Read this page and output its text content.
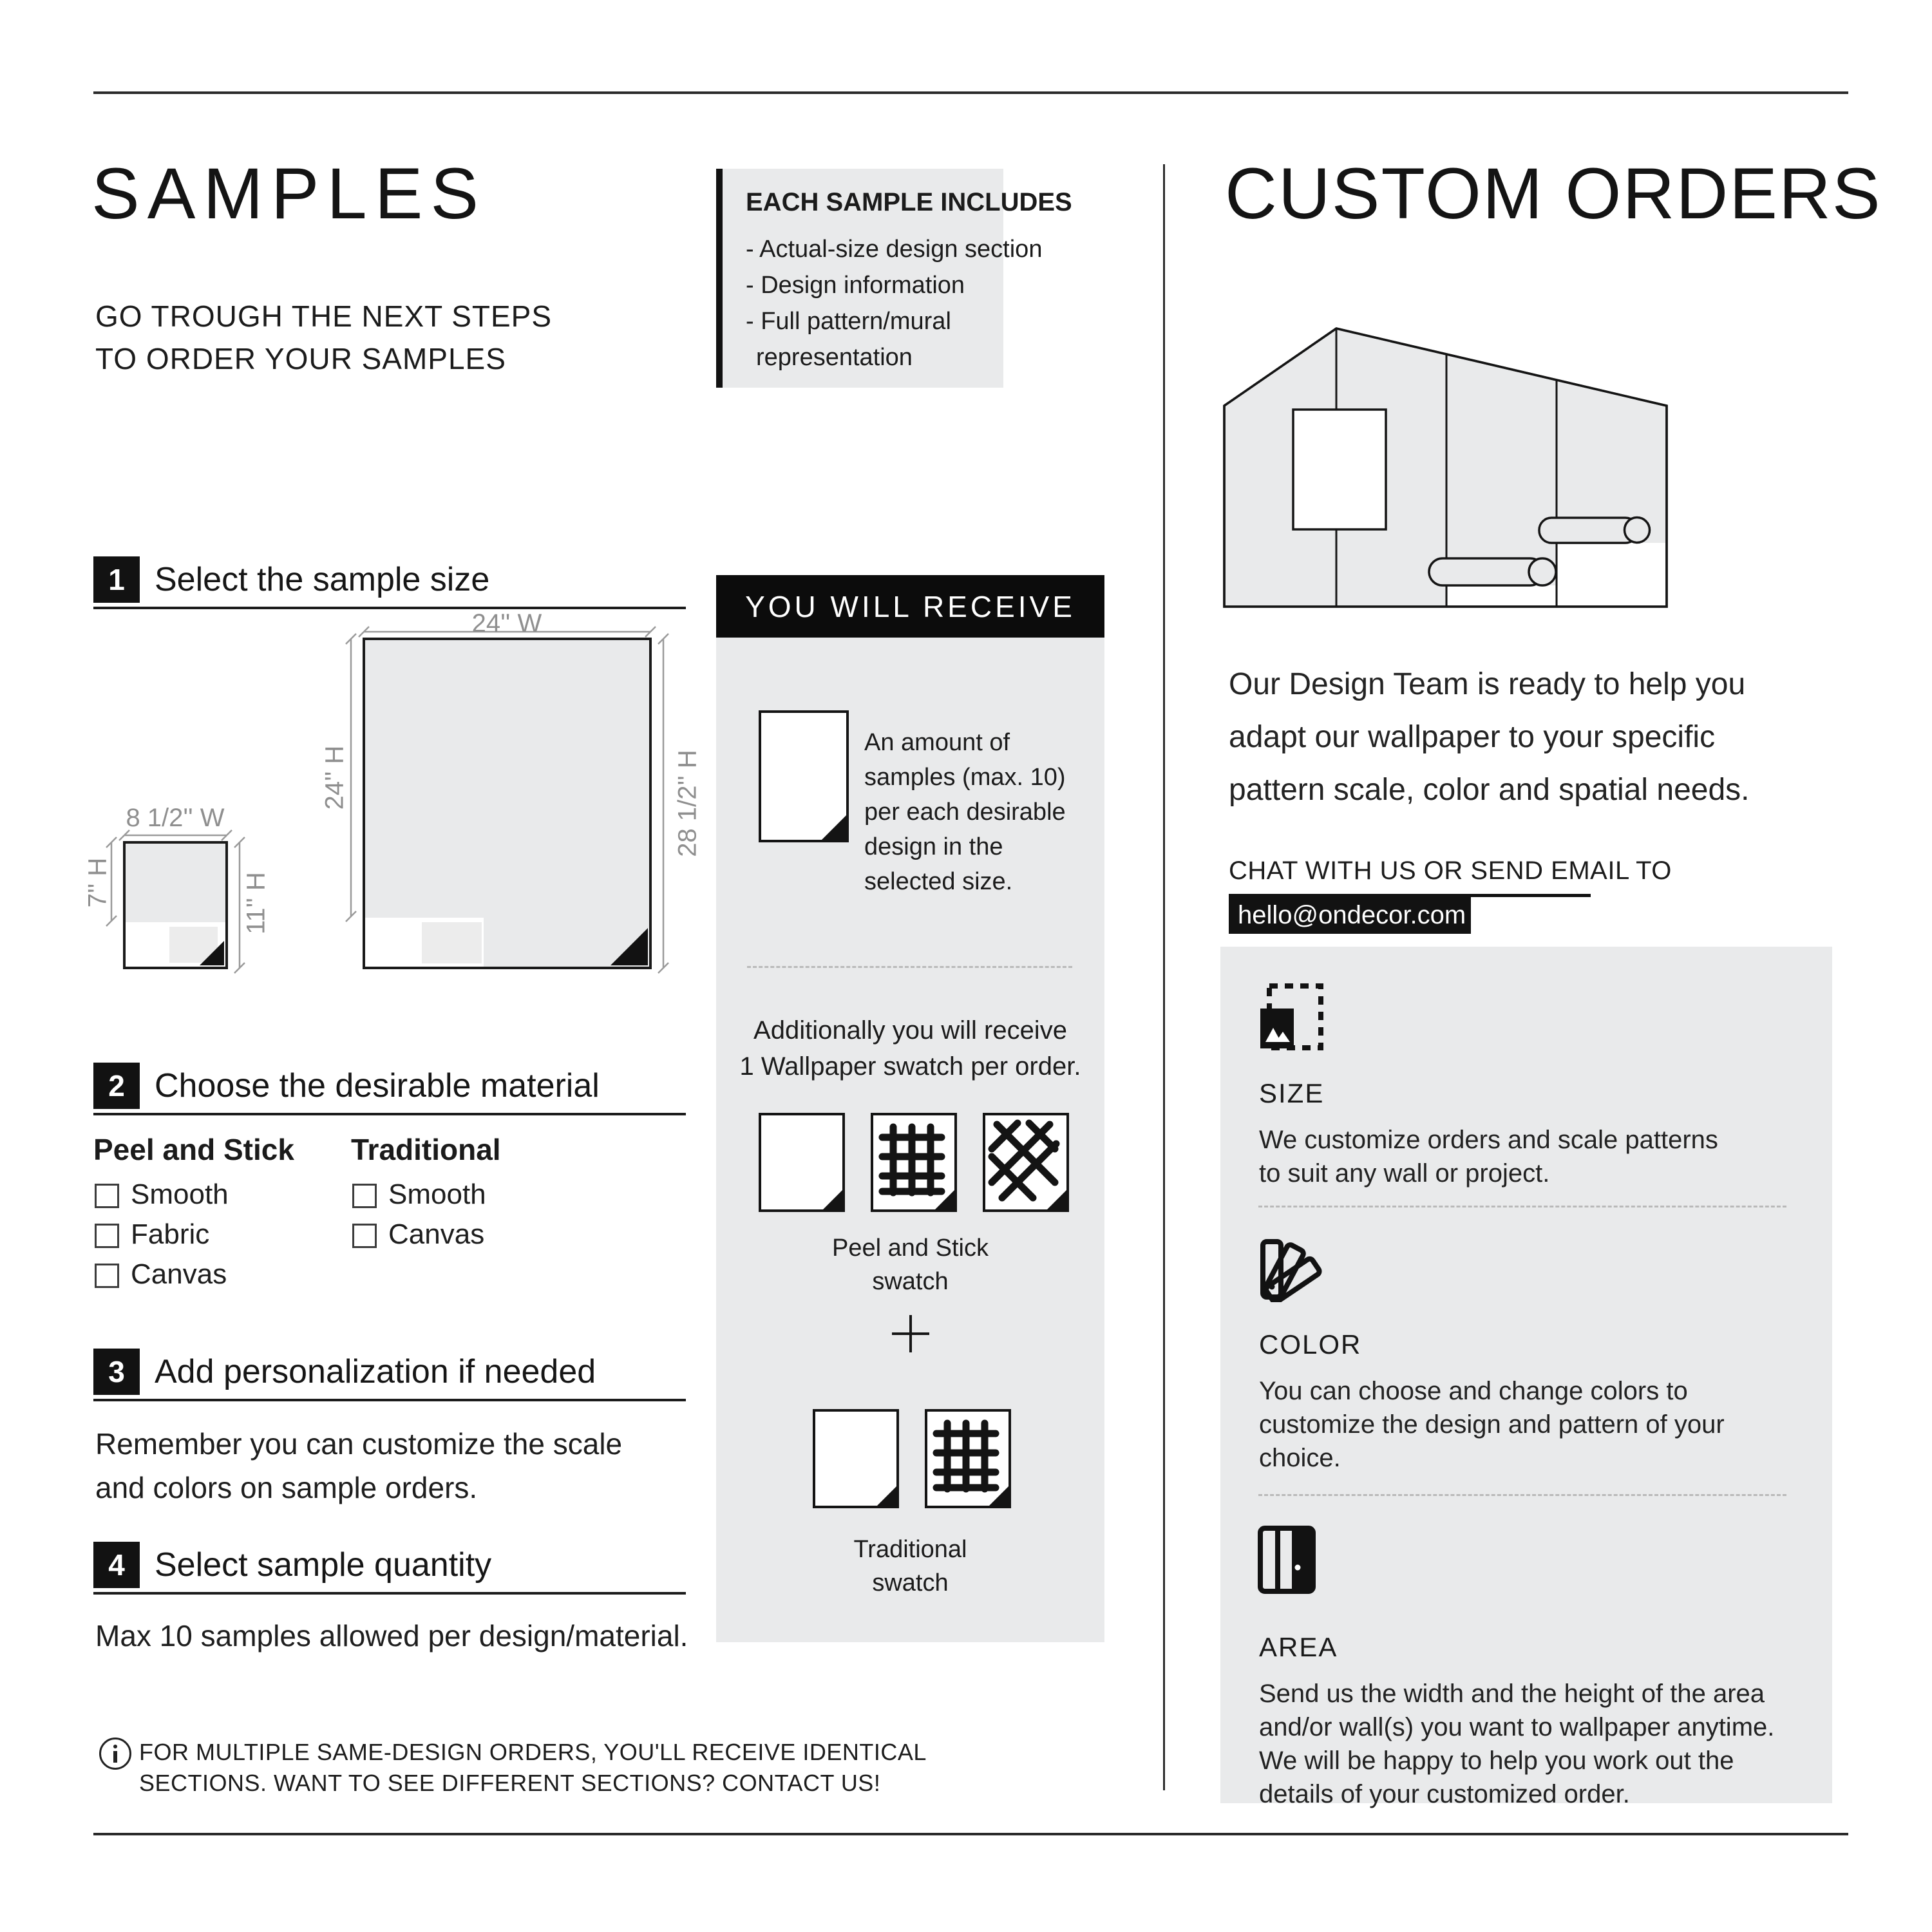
SAMPLES
GO TROUGH THE NEXT STEPS
TO ORDER YOUR SAMPLES
EACH SAMPLE INCLUDES
- Actual-size design section
- Design information
- Full pattern/mural
representation
1 Select the sample size
24'' W
24'' H	28 1/2'' H
8 1/2'' W
7'' H	11'' H
2 Choose the desirable material
Peel and Stick Traditional
Smooth
Fabric
Canvas
Smooth
Canvas
3 Add personalization if needed
Remember you can customize the scale
and colors on sample orders.
4 Select sample quantity
Max 10 samples allowed per design/material.
FOR MULTIPLE SAME-DESIGN ORDERS, YOU'LL RECEIVE IDENTICAL
SECTIONS. WANT TO SEE DIFFERENT SECTIONS? CONTACT US!
YOU WILL RECEIVE
An amount of
samples (max. 10)
per each desirable
design in the
selected size.
Additionally you will receive
1 Wallpaper swatch per order.
Peel and Stick
swatch
Traditional
swatch
CUSTOM ORDERS
Our Design Team is ready to help you
adapt our wallpaper to your specific
pattern scale, color and spatial needs.
CHAT WITH US OR SEND EMAIL TO
hello@ondecor.com
SIZE
We customize orders and scale patterns
to suit any wall or project.
COLOR
You can choose and change colors to
customize the design and pattern of your
choice.
AREA
Send us the width and the height of the area
and/or wall(s) you want to wallpaper anytime.
We will be happy to help you work out the
details of your customized order.
